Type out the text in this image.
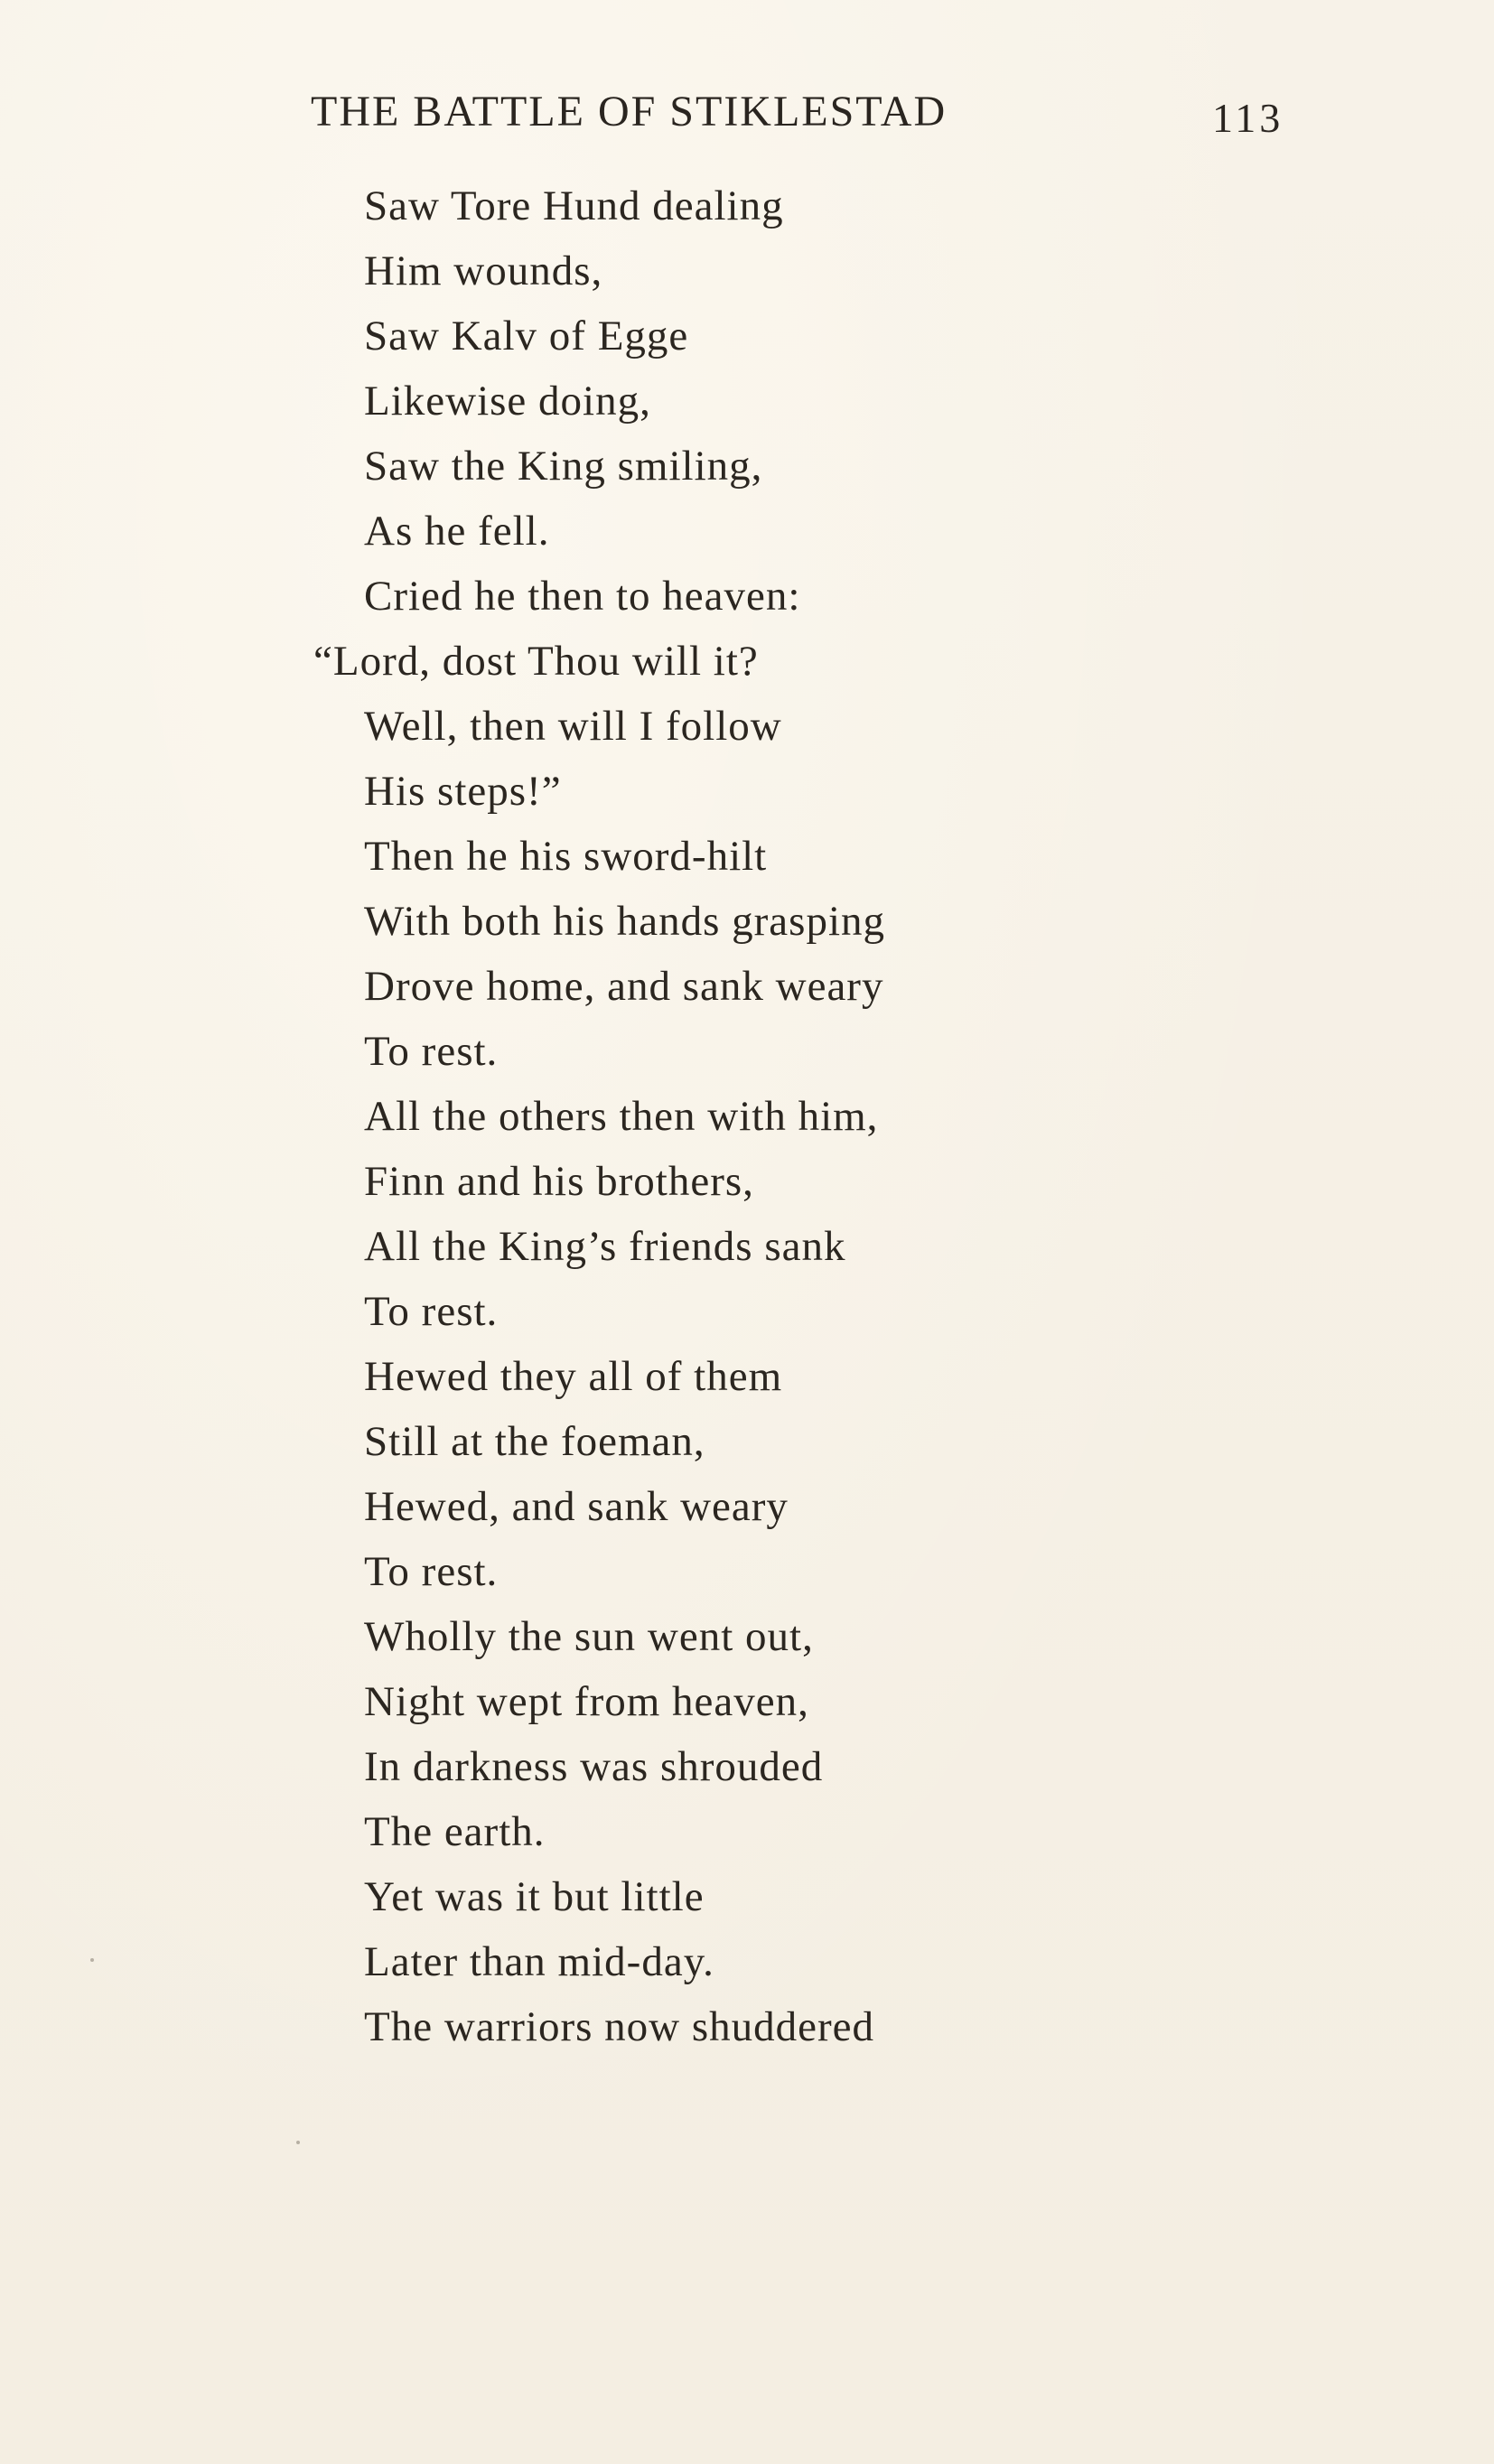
THE BATTLE OF STIKLESTAD	113
Saw Tore Hund dealing
Him wounds,
Saw Kalv of Egge
Likewise doing,
Saw the King smiling,
As he fell.
Cried he then to heaven:
“Lord, dost Thou will it?
Well, then will I follow
His steps!”
Then he his sword-hilt
With both his hands grasping
Drove home, and sank weary
To rest.
All the others then with him,
Finn and his brothers,
All the King’s friends sank
To rest.
Hewed they all of them
Still at the foeman,
Hewed, and sank weary
To rest.
Wholly the sun went out,
Night wept from heaven,
In darkness was shrouded
The earth.
Yet was it but little
Later than mid-day.
The warriors now shuddered
